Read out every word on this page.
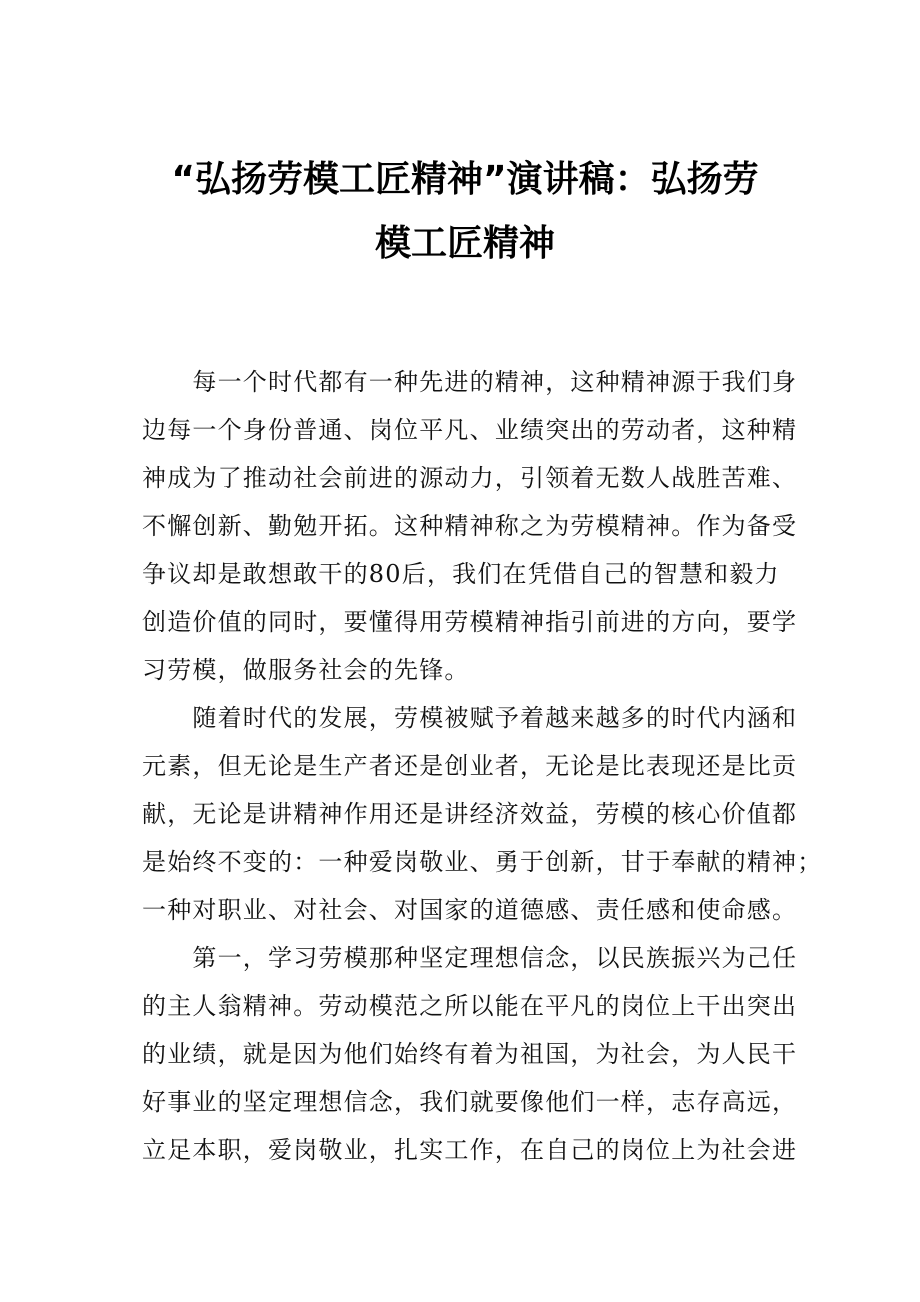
“弘扬劳模工匠精神”演讲稿：弘扬劳
模工匠精神

　　每一个时代都有一种先进的精神，这种精神源于我们身
边每一个身份普通、岗位平凡、业绩突出的劳动者，这种精
神成为了推动社会前进的源动力，引领着无数人战胜苦难、
不懈创新、勤勉开拓。这种精神称之为劳模精神。作为备受
争议却是敢想敢干的80后，我们在凭借自己的智慧和毅力
创造价值的同时，要懂得用劳模精神指引前进的方向，要学
习劳模，做服务社会的先锋。

　　随着时代的发展，劳模被赋予着越来越多的时代内涵和
元素，但无论是生产者还是创业者，无论是比表现还是比贡
献，无论是讲精神作用还是讲经济效益，劳模的核心价值都
是始终不变的：一种爱岗敬业、勇于创新，甘于奉献的精神；
一种对职业、对社会、对国家的道德感、责任感和使命感。

　　第一，学习劳模那种坚定理想信念，以民族振兴为己任
的主人翁精神。劳动模范之所以能在平凡的岗位上干出突出
的业绩，就是因为他们始终有着为祖国，为社会，为人民干
好事业的坚定理想信念，我们就要像他们一样，志存高远，
立足本职，爱岗敬业，扎实工作，在自己的岗位上为社会进
